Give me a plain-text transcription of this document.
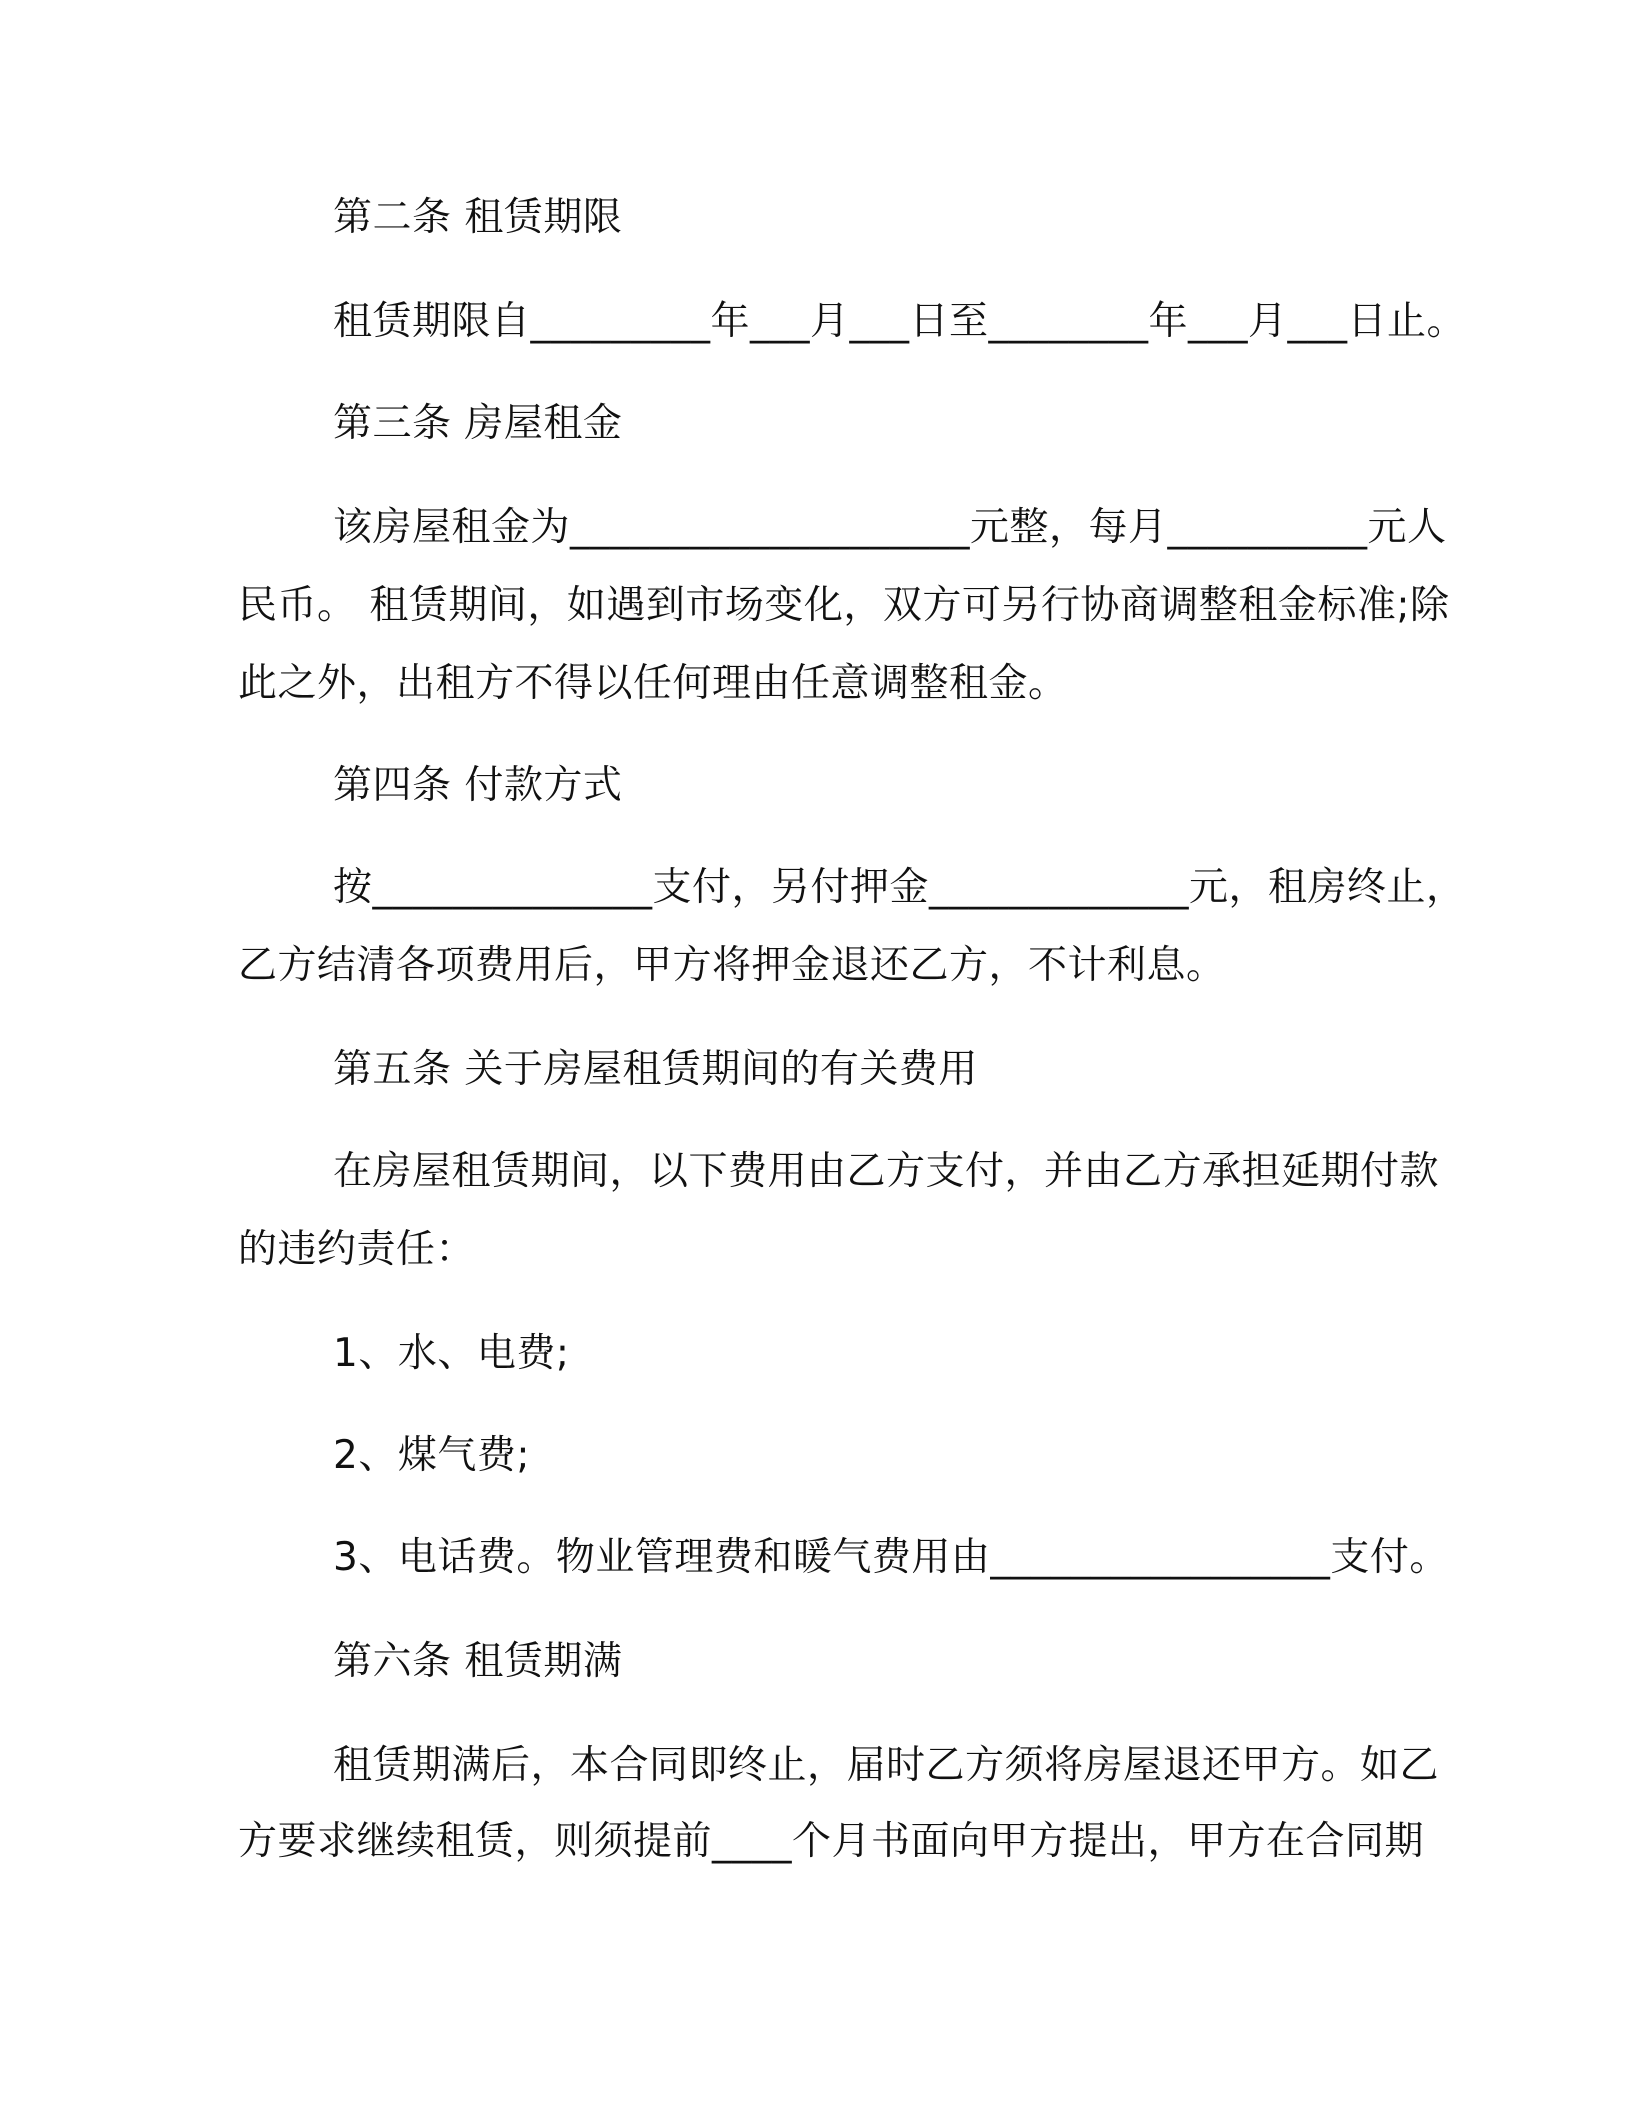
第二条 租赁期限
租赁期限自_________年___月___日至________年___月___日止。
第三条 房屋租金
该房屋租金为____________________元整，每月__________元人
民币。 租赁期间，如遇到市场变化，双方可另行协商调整租金标准;除
此之外，出租方不得以任何理由任意调整租金。
第四条 付款方式
按______________支付，另付押金_____________元，租房终止，
乙方结清各项费用后，甲方将押金退还乙方，不计利息。
第五条 关于房屋租赁期间的有关费用
在房屋租赁期间，以下费用由乙方支付，并由乙方承担延期付款
的违约责任：
1、水、电费;
2、煤气费;
3、电话费。物业管理费和暖气费用由_________________支付。
第六条 租赁期满
租赁期满后，本合同即终止，届时乙方须将房屋退还甲方。如乙
方要求继续租赁，则须提前____个月书面向甲方提出，甲方在合同期
